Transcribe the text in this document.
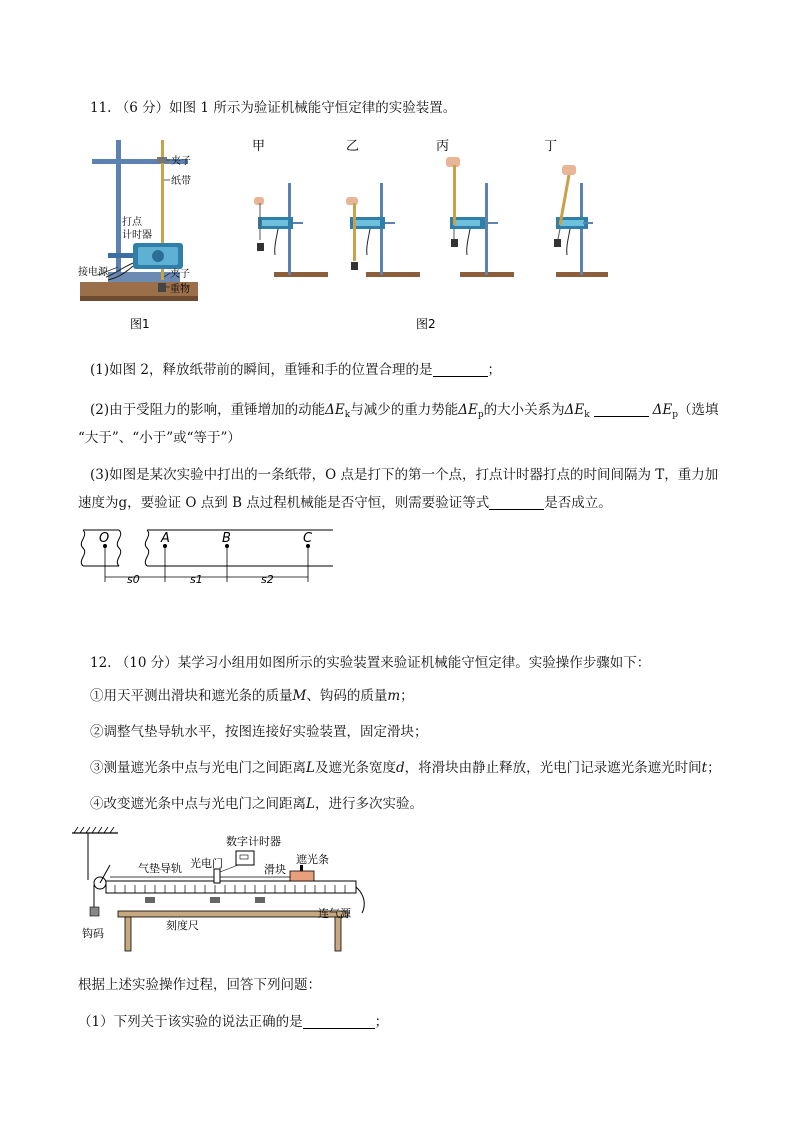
11. （6 分）如图 1 所示为验证机械能守恒定律的实验装置。
夹子
纸带
打点
计时器
接电源	夹子
重物
图1
甲	乙	丙	丁
图2
(1)如图 2，释放纸带前的瞬间，重锤和手的位置合理的是	；
(2)由于受阻力的影响，重锤增加的动能$\Delta E_k$与减少的重力势能$\Delta E_p$的大小关系为$\Delta E_k$	$\Delta E_p$（选填
“大于”、“小于”或“等于”）
(3)如图是某次实验中打出的一条纸带，O 点是打下的第一个点，打点计时器打点的时间间隔为 T，重力加
速度为g，要验证 O 点到 B 点过程机械能是否守恒，则需要验证等式	是否成立。
O	A	B	C
s0	s1	s2
12. （10 分）某学习小组用如图所示的实验装置来验证机械能守恒定律。实验操作步骤如下：
①用天平测出滑块和遮光条的质量M、钩码的质量m；
②调整气垫导轨水平，按图连接好实验装置，固定滑块；
③测量遮光条中点与光电门之间距离L及遮光条宽度d，将滑块由静止释放，光电门记录遮光条遮光时间t；
④改变遮光条中点与光电门之间距离L，进行多次实验。
数字计时器
光电门
气垫导轨	滑块
遮光条
连气源
刻度尺
钩码
根据上述实验操作过程，回答下列问题：
（1）下列关于该实验的说法正确的是	；
